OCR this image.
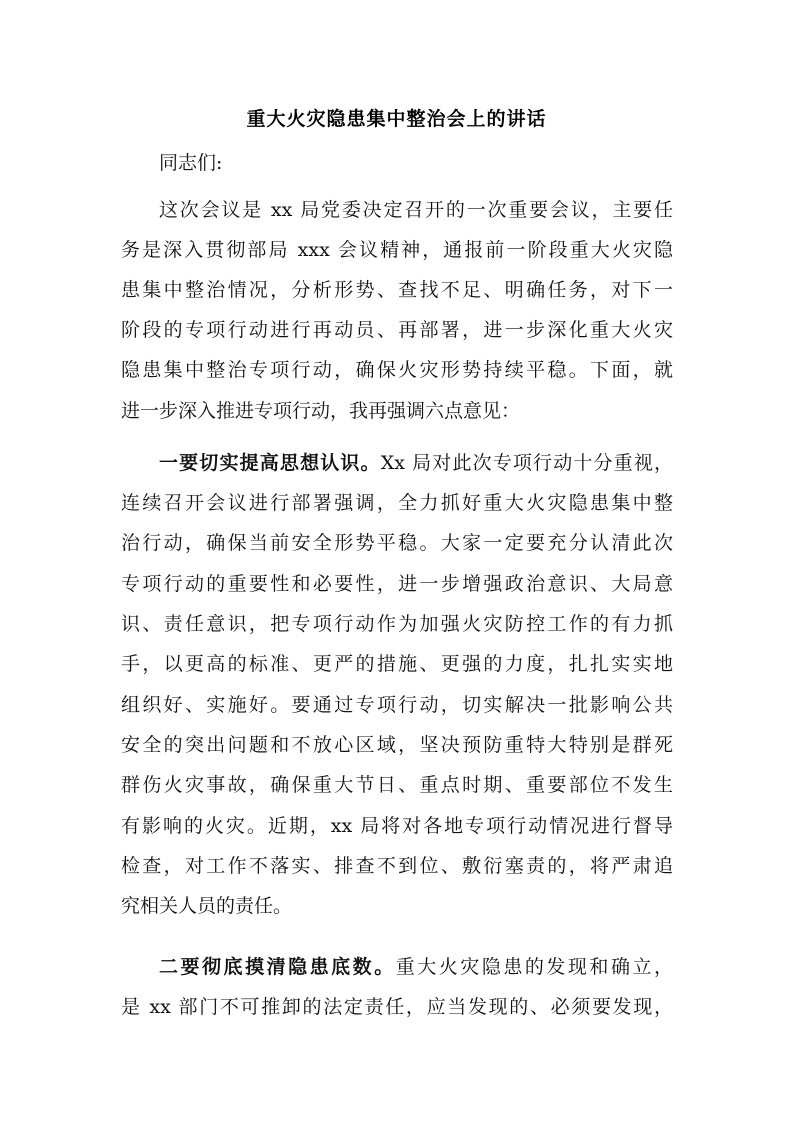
重大火灾隐患集中整治会上的讲话
同志们:
这次会议是 xx 局党委决定召开的一次重要会议，主要任
务是深入贯彻部局 xxx 会议精神，通报前一阶段重大火灾隐
患集中整治情况，分析形势、查找不足、明确任务，对下一
阶段的专项行动进行再动员、再部署，进一步深化重大火灾
隐患集中整治专项行动，确保火灾形势持续平稳。下面，就
进一步深入推进专项行动，我再强调六点意见：
一要切实提高思想认识。Xx 局对此次专项行动十分重视，
连续召开会议进行部署强调，全力抓好重大火灾隐患集中整
治行动，确保当前安全形势平稳。大家一定要充分认清此次
专项行动的重要性和必要性，进一步增强政治意识、大局意
识、责任意识，把专项行动作为加强火灾防控工作的有力抓
手，以更高的标准、更严的措施、更强的力度，扎扎实实地
组织好、实施好。要通过专项行动，切实解决一批影响公共
安全的突出问题和不放心区域，坚决预防重特大特别是群死
群伤火灾事故，确保重大节日、重点时期、重要部位不发生
有影响的火灾。近期，xx 局将对各地专项行动情况进行督导
检查，对工作不落实、排查不到位、敷衍塞责的，将严肃追
究相关人员的责任。
二要彻底摸清隐患底数。重大火灾隐患的发现和确立，
是 xx 部门不可推卸的法定责任，应当发现的、必须要发现，
